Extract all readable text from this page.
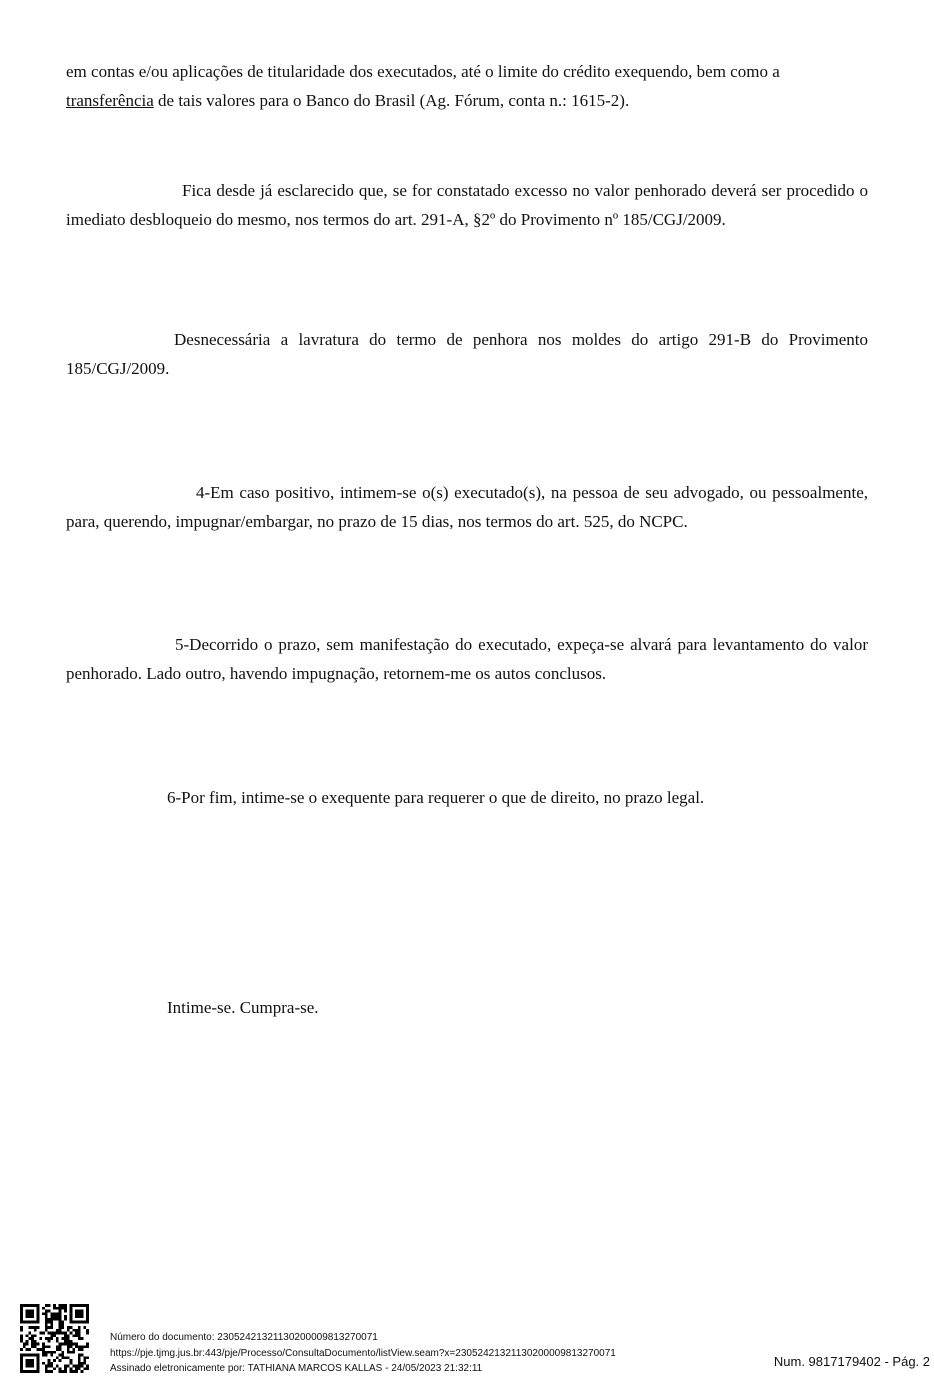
em contas e/ou aplicações de titularidade dos executados, até o limite do crédito exequendo, bem como a transferência de tais valores para o Banco do Brasil (Ag. Fórum, conta n.: 1615-2).

Fica desde já esclarecido que, se for constatado excesso no valor penhorado deverá ser procedido o imediato desbloqueio do mesmo, nos termos do art. 291-A, §2º do Provimento nº 185/CGJ/2009.

Desnecessária a lavratura do termo de penhora nos moldes do artigo 291-B do Provimento 185/CGJ/2009.

4-Em caso positivo, intimem-se o(s) executado(s), na pessoa de seu advogado, ou pessoalmente, para, querendo, impugnar/embargar, no prazo de 15 dias, nos termos do art. 525, do NCPC.

5-Decorrido o prazo, sem manifestação do executado, expeça-se alvará para levantamento do valor penhorado. Lado outro, havendo impugnação, retornem-me os autos conclusos.

6-Por fim, intime-se o exequente para requerer o que de direito, no prazo legal.

Intime-se. Cumpra-se.

Número do documento: 23052421321130200009813270071
https://pje.tjmg.jus.br:443/pje/Processo/ConsultaDocumento/listView.seam?x=23052421321130200009813270071
Assinado eletronicamente por: TATHIANA MARCOS KALLAS - 24/05/2023 21:32:11	Num. 9817179402 - Pág. 2
